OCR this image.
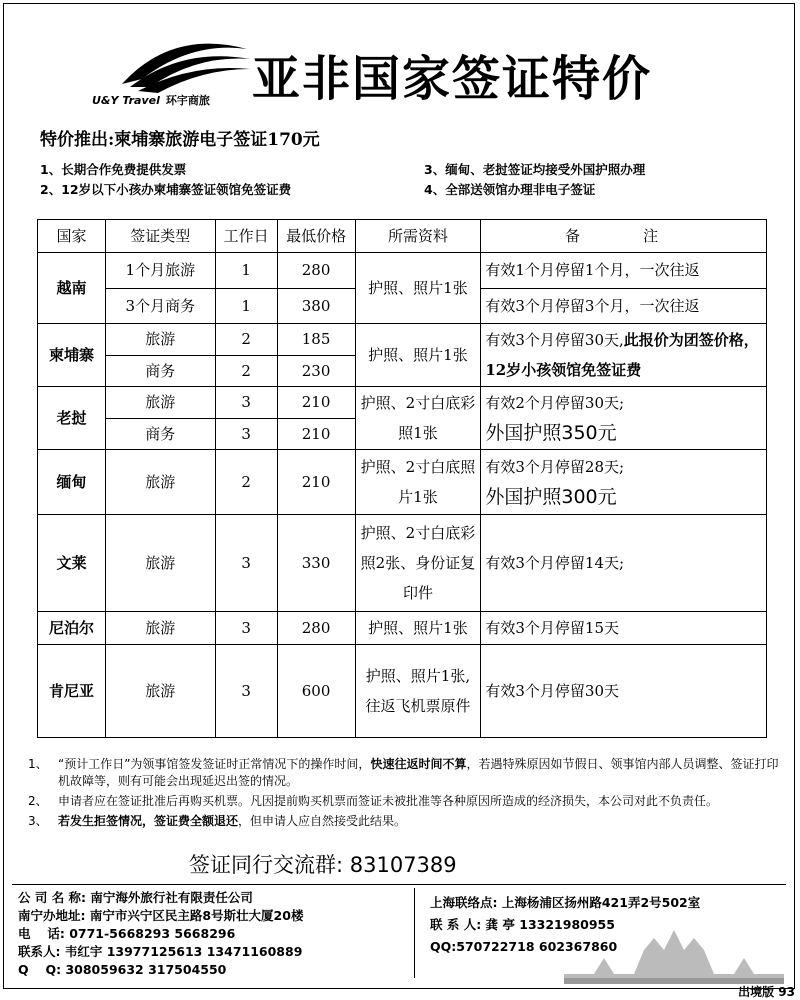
U&Y Travel 环宇商旅 亚非国家签证特价
特价推出:柬埔寨旅游电子签证170元
1、长期合作免费提供发票
2、12岁以下小孩办柬埔寨签证领馆免签证费
3、缅甸、老挝签证均接受外国护照办理
4、全部送领馆办理非电子签证
国家	签证类型	工作日	最低价格	所需资料	备　注
越南	1个月旅游	1	280	护照、照片1张	有效1个月停留1个月，一次往返
	3个月商务	1	380		有效3个月停留3个月，一次往返
柬埔寨	旅游	2	185	护照、照片1张	有效3个月停留30天,此报价为团签价格，12岁小孩领馆免签证费
	商务	2	230		
老挝	旅游	3	210	护照、2寸白底彩照1张	有效2个月停留30天;
外国护照350元
	商务	3	210		
缅甸	旅游	2	210	护照、2寸白底照片1张	有效3个月停留28天;
外国护照300元
文莱	旅游	3	330	护照、2寸白底彩照2张、身份证复印件	有效3个月停留14天;
尼泊尔	旅游	3	280	护照、照片1张	有效3个月停留15天
肯尼亚	旅游	3	600	护照、照片1张,往返飞机票原件	有效3个月停留30天
1、 “预计工作日”为领事馆签发签证时正常情况下的操作时间，快速往返时间不算，若遇特殊原因如节假日、领事馆内部人员调整、签证打印机故障等，则有可能会出现延迟出签的情况。
2、 申请者应在签证批准后再购买机票。凡因提前购买机票而签证未被批准等各种原因所造成的经济损失，本公司对此不负责任。
3、 若发生拒签情况，签证费全额退还，但申请人应自然接受此结果。
签证同行交流群: 83107389
公 司 名 称: 南宁海外旅行社有限责任公司
南宁办地址: 南宁市兴宁区民主路8号斯壮大厦20楼
电　 话: 0771-5668293 5668296
联系人: 韦红宇 13977125613 13471160889
Q　 Q: 308059632 317504550
上海联络点: 上海杨浦区扬州路421弄2号502室
联 系 人: 龚 亭 13321980955
QQ:570722718 602367860
出境版 93
